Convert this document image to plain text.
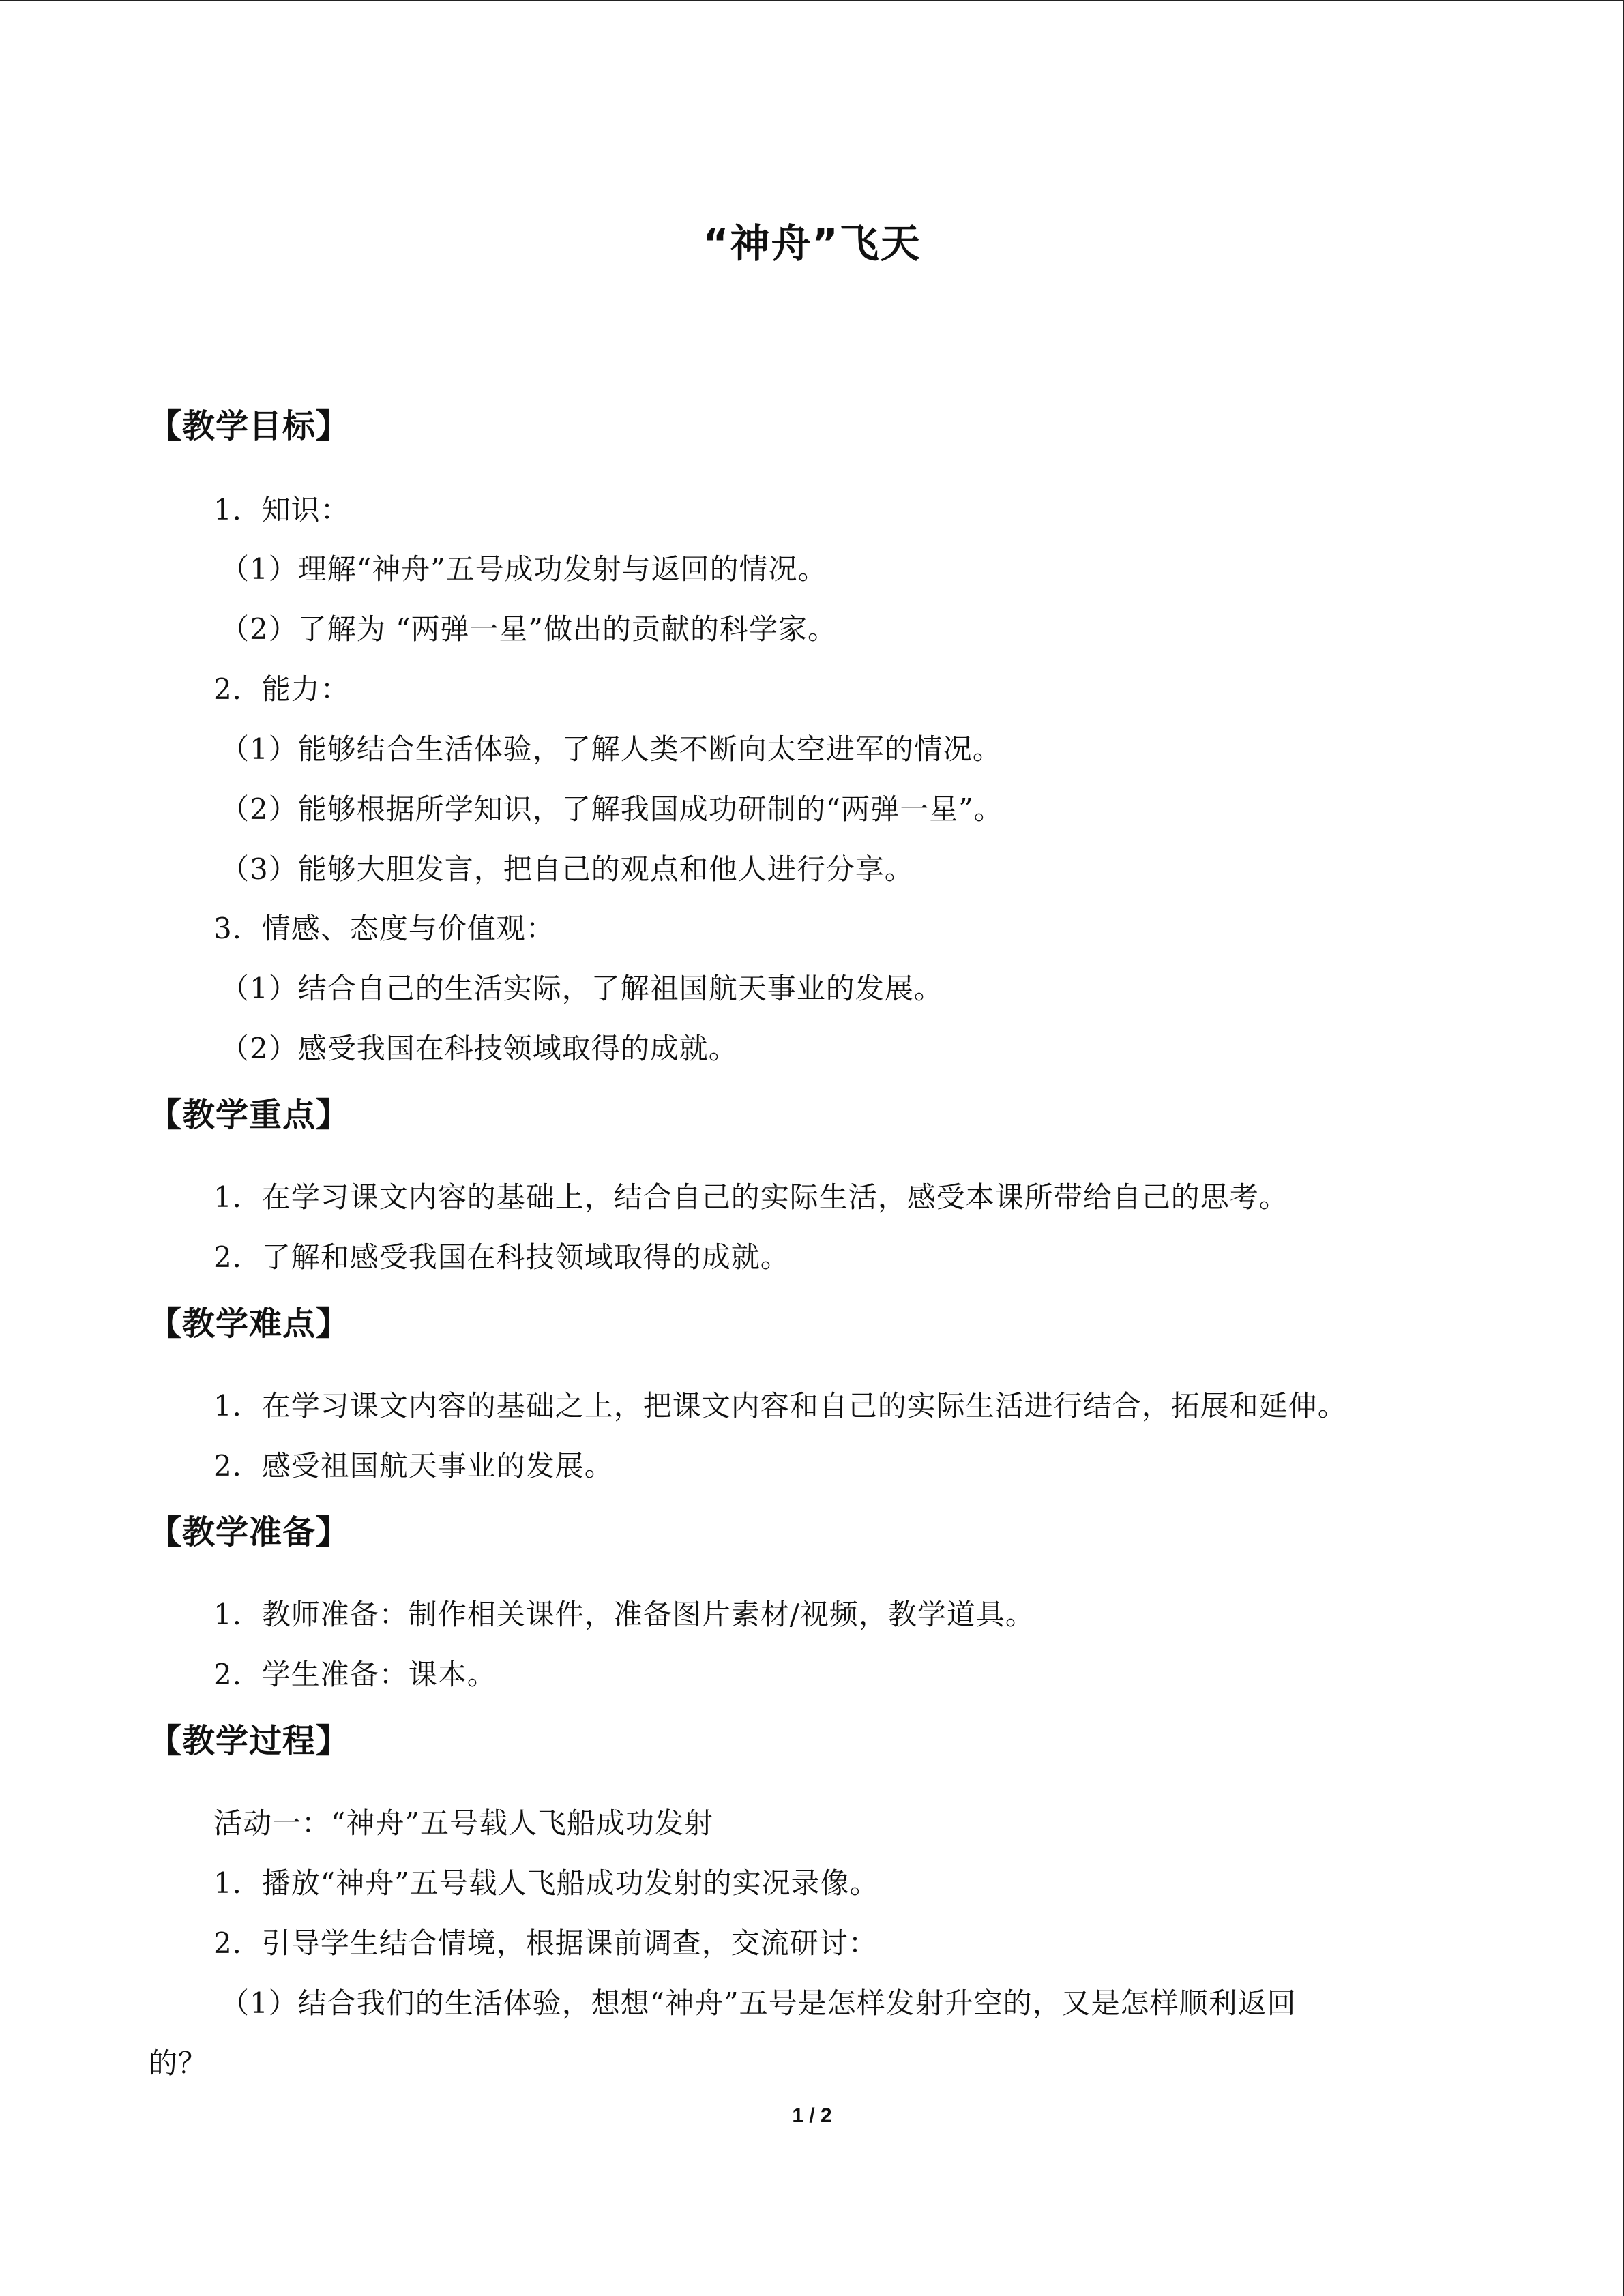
“神舟”飞天
【教学目标】

1．知识：

（1）理解“神舟”五号成功发射与返回的情况。

（2）了解为 “两弹一星”做出的贡献的科学家。

2．能力：

（1）能够结合生活体验，了解人类不断向太空进军的情况。

（2）能够根据所学知识，了解我国成功研制的“两弹一星”。

（3）能够大胆发言，把自己的观点和他人进行分享。

3．情感、态度与价值观：

（1）结合自己的生活实际，了解祖国航天事业的发展。

（2）感受我国在科技领域取得的成就。

【教学重点】

1．在学习课文内容的基础上，结合自己的实际生活，感受本课所带给自己的思考。

2．了解和感受我国在科技领域取得的成就。

【教学难点】

1．在学习课文内容的基础之上，把课文内容和自己的实际生活进行结合，拓展和延伸。

2．感受祖国航天事业的发展。

【教学准备】

1．教师准备：制作相关课件，准备图片素材/视频，教学道具。

2．学生准备：课本。

【教学过程】

活动一：“神舟”五号载人飞船成功发射

1．播放“神舟”五号载人飞船成功发射的实况录像。

2．引导学生结合情境，根据课前调查，交流研讨：

（1）结合我们的生活体验，想想“神舟”五号是怎样发射升空的，又是怎样顺利返回

的？

1 / 2
